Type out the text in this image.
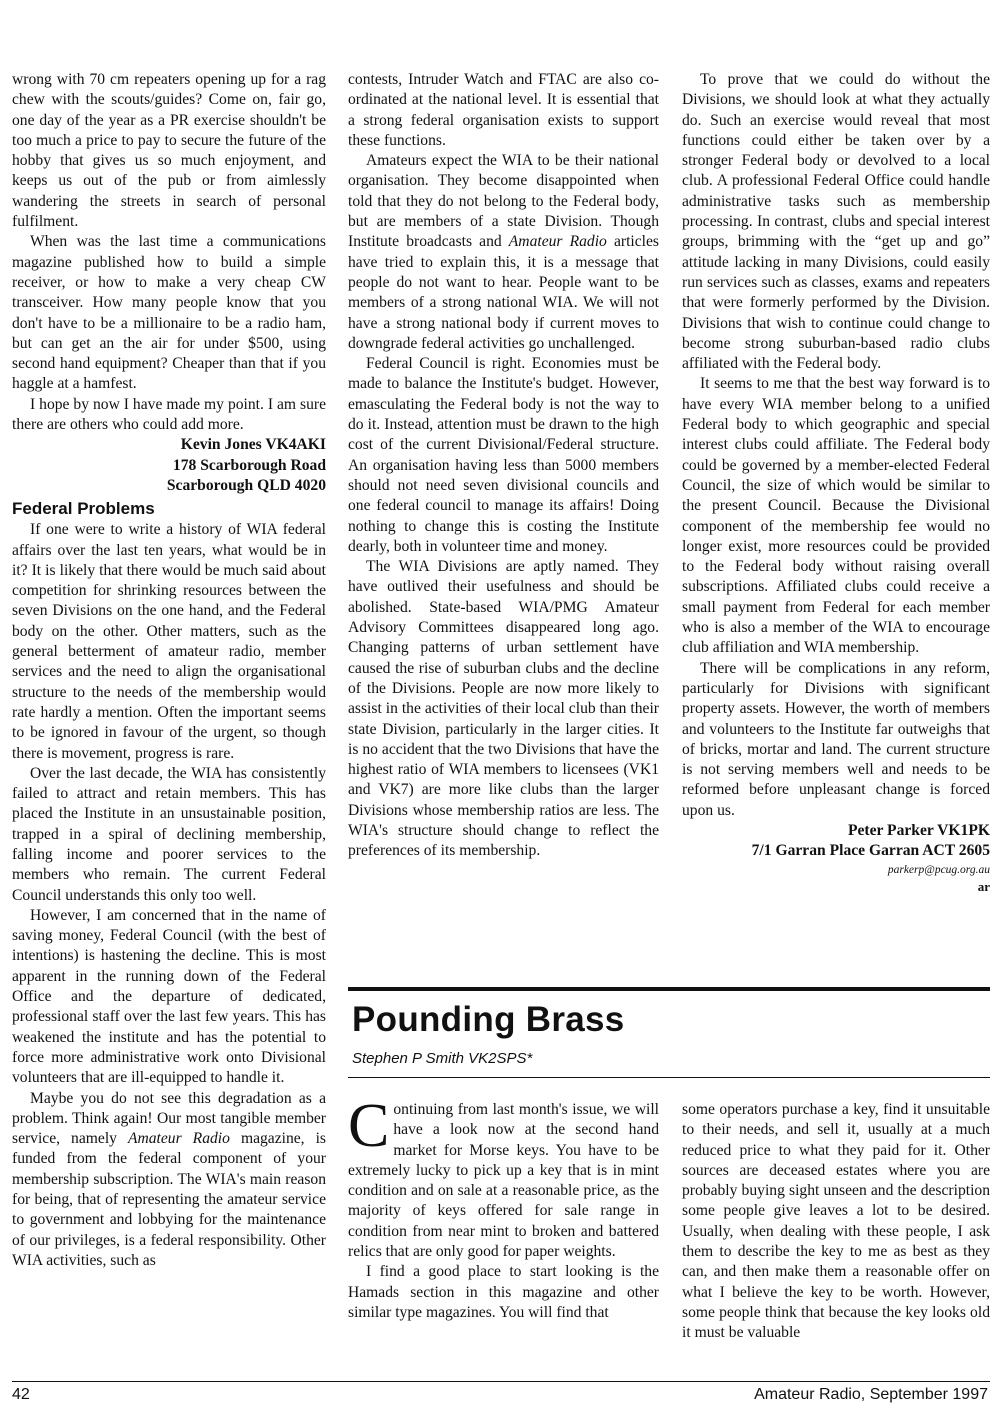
wrong with 70 cm repeaters opening up for a rag chew with the scouts/guides? Come on, fair go, one day of the year as a PR exercise shouldn't be too much a price to pay to secure the future of the hobby that gives us so much enjoyment, and keeps us out of the pub or from aimlessly wandering the streets in search of personal fulfilment.

When was the last time a communications magazine published how to build a simple receiver, or how to make a very cheap CW transceiver. How many people know that you don't have to be a millionaire to be a radio ham, but can get an the air for under $500, using second hand equipment? Cheaper than that if you haggle at a hamfest.

I hope by now I have made my point. I am sure there are others who could add more.

Kevin Jones VK4AKI
178 Scarborough Road
Scarborough QLD 4020
Federal Problems

If one were to write a history of WIA federal affairs over the last ten years, what would be in it? It is likely that there would be much said about competition for shrinking resources between the seven Divisions on the one hand, and the Federal body on the other. Other matters, such as the general betterment of amateur radio, member services and the need to align the organisational structure to the needs of the membership would rate hardly a mention. Often the important seems to be ignored in favour of the urgent, so though there is movement, progress is rare.

Over the last decade, the WIA has consistently failed to attract and retain members. This has placed the Institute in an unsustainable position, trapped in a spiral of declining membership, falling income and poorer services to the members who remain. The current Federal Council understands this only too well.

However, I am concerned that in the name of saving money, Federal Council (with the best of intentions) is hastening the decline. This is most apparent in the running down of the Federal Office and the departure of dedicated, professional staff over the last few years. This has weakened the institute and has the potential to force more administrative work onto Divisional volunteers that are ill-equipped to handle it.

Maybe you do not see this degradation as a problem. Think again! Our most tangible member service, namely Amateur Radio magazine, is funded from the federal component of your membership subscription. The WIA's main reason for being, that of representing the amateur service to government and lobbying for the maintenance of our privileges, is a federal responsibility. Other WIA activities, such as

contests, Intruder Watch and FTAC are also co-ordinated at the national level. It is essential that a strong federal organisation exists to support these functions.

Amateurs expect the WIA to be their national organisation. They become disappointed when told that they do not belong to the Federal body, but are members of a state Division. Though Institute broadcasts and Amateur Radio articles have tried to explain this, it is a message that people do not want to hear. People want to be members of a strong national WIA. We will not have a strong national body if current moves to downgrade federal activities go unchallenged.

Federal Council is right. Economies must be made to balance the Institute's budget. However, emasculating the Federal body is not the way to do it. Instead, attention must be drawn to the high cost of the current Divisional/Federal structure. An organisation having less than 5000 members should not need seven divisional councils and one federal council to manage its affairs! Doing nothing to change this is costing the Institute dearly, both in volunteer time and money.

The WIA Divisions are aptly named. They have outlived their usefulness and should be abolished. State-based WIA/PMG Amateur Advisory Committees disappeared long ago. Changing patterns of urban settlement have caused the rise of suburban clubs and the decline of the Divisions. People are now more likely to assist in the activities of their local club than their state Division, particularly in the larger cities. It is no accident that the two Divisions that have the highest ratio of WIA members to licensees (VK1 and VK7) are more like clubs than the larger Divisions whose membership ratios are less. The WIA's structure should change to reflect the preferences of its membership.

To prove that we could do without the Divisions, we should look at what they actually do. Such an exercise would reveal that most functions could either be taken over by a stronger Federal body or devolved to a local club. A professional Federal Office could handle administrative tasks such as membership processing. In contrast, clubs and special interest groups, brimming with the “get up and go” attitude lacking in many Divisions, could easily run services such as classes, exams and repeaters that were formerly performed by the Division. Divisions that wish to continue could change to become strong suburban-based radio clubs affiliated with the Federal body.

It seems to me that the best way forward is to have every WIA member belong to a unified Federal body to which geographic and special interest clubs could affiliate. The Federal body could be governed by a member-elected Federal Council, the size of which would be similar to the present Council. Because the Divisional component of the membership fee would no longer exist, more resources could be provided to the Federal body without raising overall subscriptions. Affiliated clubs could receive a small payment from Federal for each member who is also a member of the WIA to encourage club affiliation and WIA membership.

There will be complications in any reform, particularly for Divisions with significant property assets. However, the worth of members and volunteers to the Institute far outweighs that of bricks, mortar and land. The current structure is not serving members well and needs to be reformed before unpleasant change is forced upon us.

Peter Parker VK1PK
7/1 Garran Place Garran ACT 2605
parkerp@pcug.org.au
ar
Pounding Brass
Stephen P Smith VK2SPS*

Continuing from last month's issue, we will have a look now at the second hand market for Morse keys. You have to be extremely lucky to pick up a key that is in mint condition and on sale at a reasonable price, as the majority of keys offered for sale range in condition from near mint to broken and battered relics that are only good for paper weights.

I find a good place to start looking is the Hamads section in this magazine and other similar type magazines. You will find that

some operators purchase a key, find it unsuitable to their needs, and sell it, usually at a much reduced price to what they paid for it. Other sources are deceased estates where you are probably buying sight unseen and the description some people give leaves a lot to be desired. Usually, when dealing with these people, I ask them to describe the key to me as best as they can, and then make them a reasonable offer on what I believe the key to be worth. However, some people think that because the key looks old it must be valuable

42	Amateur Radio, September 1997
